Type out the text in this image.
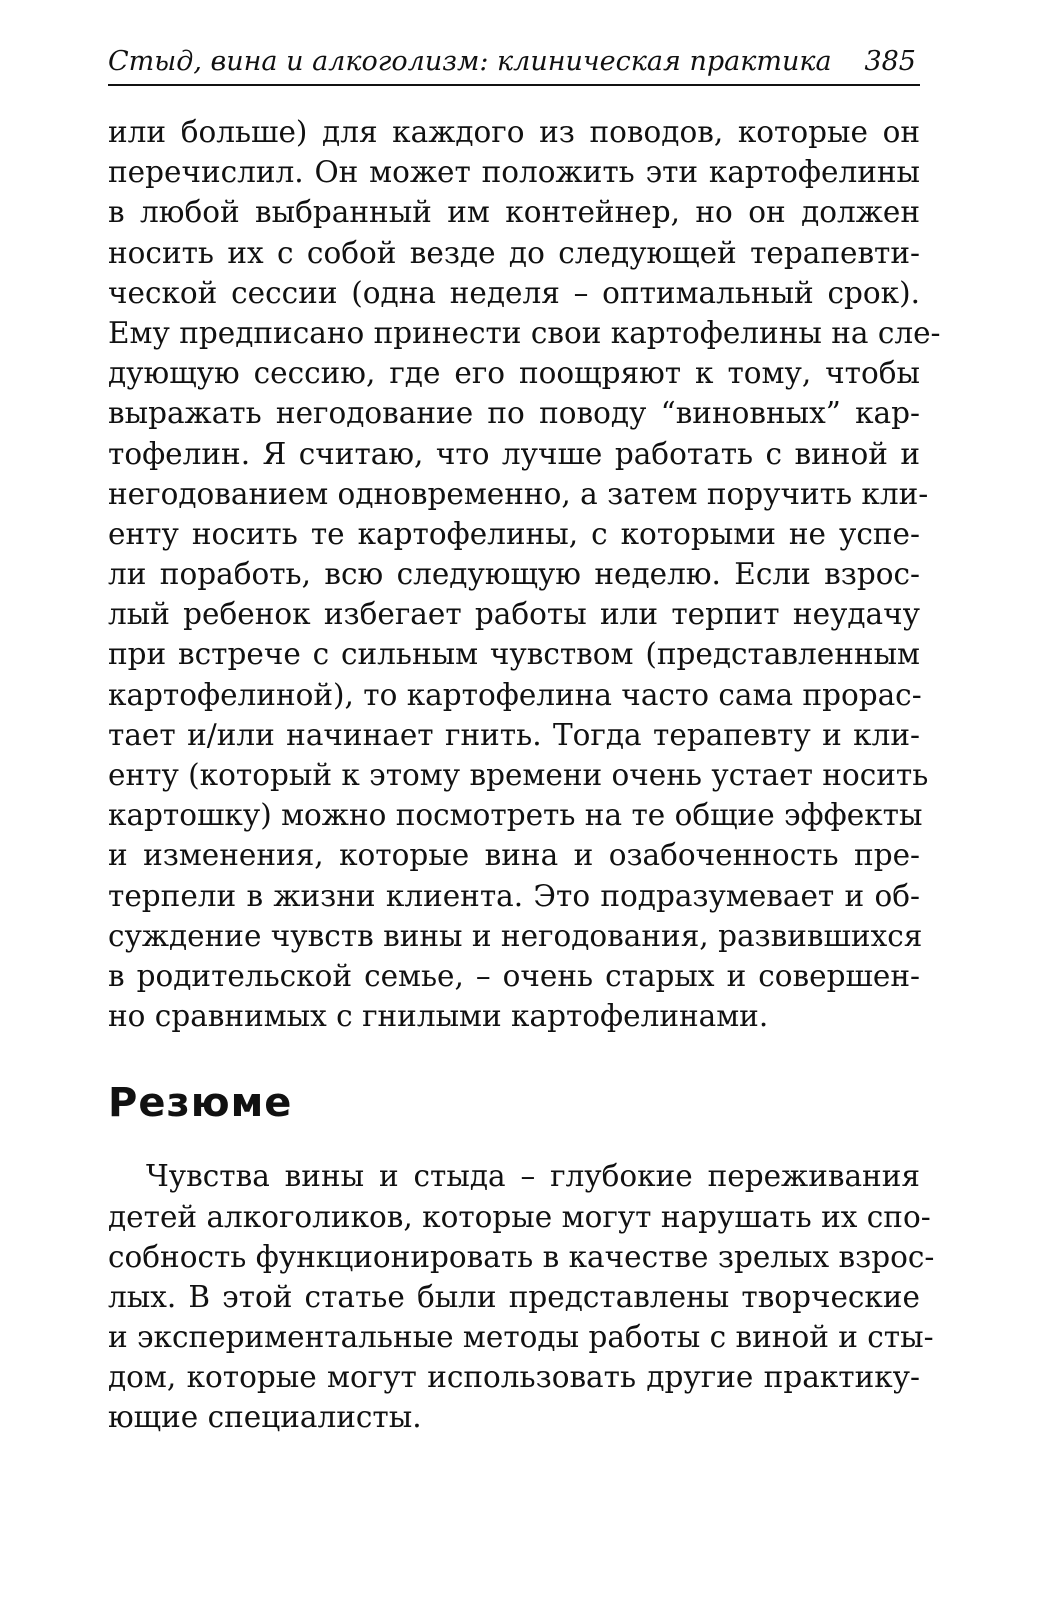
Стыд, вина и алкоголизм: клиническая практика 385
или больше) для каждого из поводов, которые он
перечислил. Он может положить эти картофелины
в любой выбранный им контейнер, но он должен
носить их с собой везде до следующей терапевти-
ческой сессии (одна неделя – оптимальный срок).
Ему предписано принести свои картофелины на сле-
дующую сессию, где его поощряют к тому, чтобы
выражать негодование по поводу “виновных” кар-
тофелин. Я считаю, что лучше работать с виной и
негодованием одновременно, а затем поручить кли-
енту носить те картофелины, с которыми не успе-
ли поработь, всю следующую неделю. Если взрос-
лый ребенок избегает работы или терпит неудачу
при встрече с сильным чувством (представленным
картофелиной), то картофелина часто сама прорас-
тает и/или начинает гнить. Тогда терапевту и кли-
енту (который к этому времени очень устает носить
картошку) можно посмотреть на те общие эффекты
и изменения, которые вина и озабоченность пре-
терпели в жизни клиента. Это подразумевает и об-
суждение чувств вины и негодования, развившихся
в родительской семье, – очень старых и совершен-
но сравнимых с гнилыми картофелинами.
Резюме
Чувства вины и стыда – глубокие переживания
детей алкоголиков, которые могут нарушать их спо-
собность функционировать в качестве зрелых взрос-
лых. В этой статье были представлены творческие
и экспериментальные методы работы с виной и сты-
дом, которые могут использовать другие практику-
ющие специалисты.
